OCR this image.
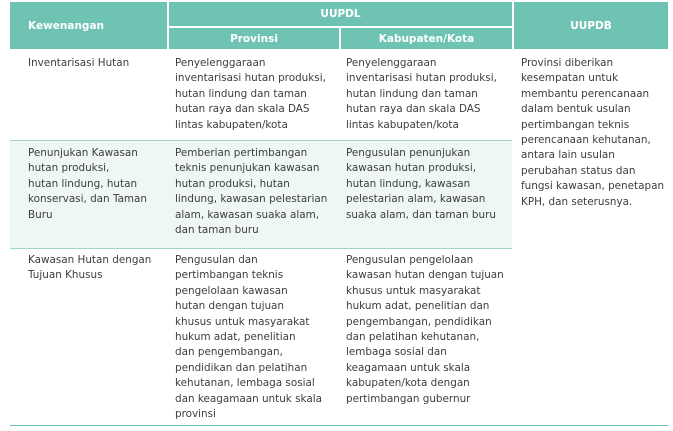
Kewenangan
UUPDL
Provinsi	Kabupaten/Kota
UUPDB
Inventarisasi Hutan	Penyelenggaraan
inventarisasi hutan produksi,
hutan lindung dan taman
hutan raya dan skala DAS
lintas kabupaten/kota
Penyelenggaraan
inventarisasi hutan produksi,
hutan lindung dan taman
hutan raya dan skala DAS
lintas kabupaten/kota
Penunjukan Kawasan
hutan produksi,
hutan lindung, hutan
konservasi, dan Taman
Buru
Pemberian pertimbangan
teknis penunjukan kawasan
hutan produksi, hutan
lindung, kawasan pelestarian
alam, kawasan suaka alam,
dan taman buru
Pengusulan penunjukan
kawasan hutan produksi,
hutan lindung, kawasan
pelestarian alam, kawasan
suaka alam, dan taman buru
Kawasan Hutan dengan
Tujuan Khusus
Pengusulan dan
pertimbangan teknis
pengelolaan kawasan
hutan dengan tujuan
khusus untuk masyarakat
hukum adat, penelitian
dan pengembangan,
pendidikan dan pelatihan
kehutanan, lembaga sosial
dan keagamaan untuk skala
provinsi
Pengusulan pengelolaan
kawasan hutan dengan tujuan
khusus untuk masyarakat
hukum adat, penelitian dan
pengembangan, pendidikan
dan pelatihan kehutanan,
lembaga sosial dan
keagamaan untuk skala
kabupaten/kota dengan
pertimbangan gubernur
Provinsi diberikan
kesempatan untuk
membantu perencanaan
dalam bentuk usulan
pertimbangan teknis
perencanaan kehutanan,
antara lain usulan
perubahan status dan
fungsi kawasan, penetapan
KPH, dan seterusnya.
